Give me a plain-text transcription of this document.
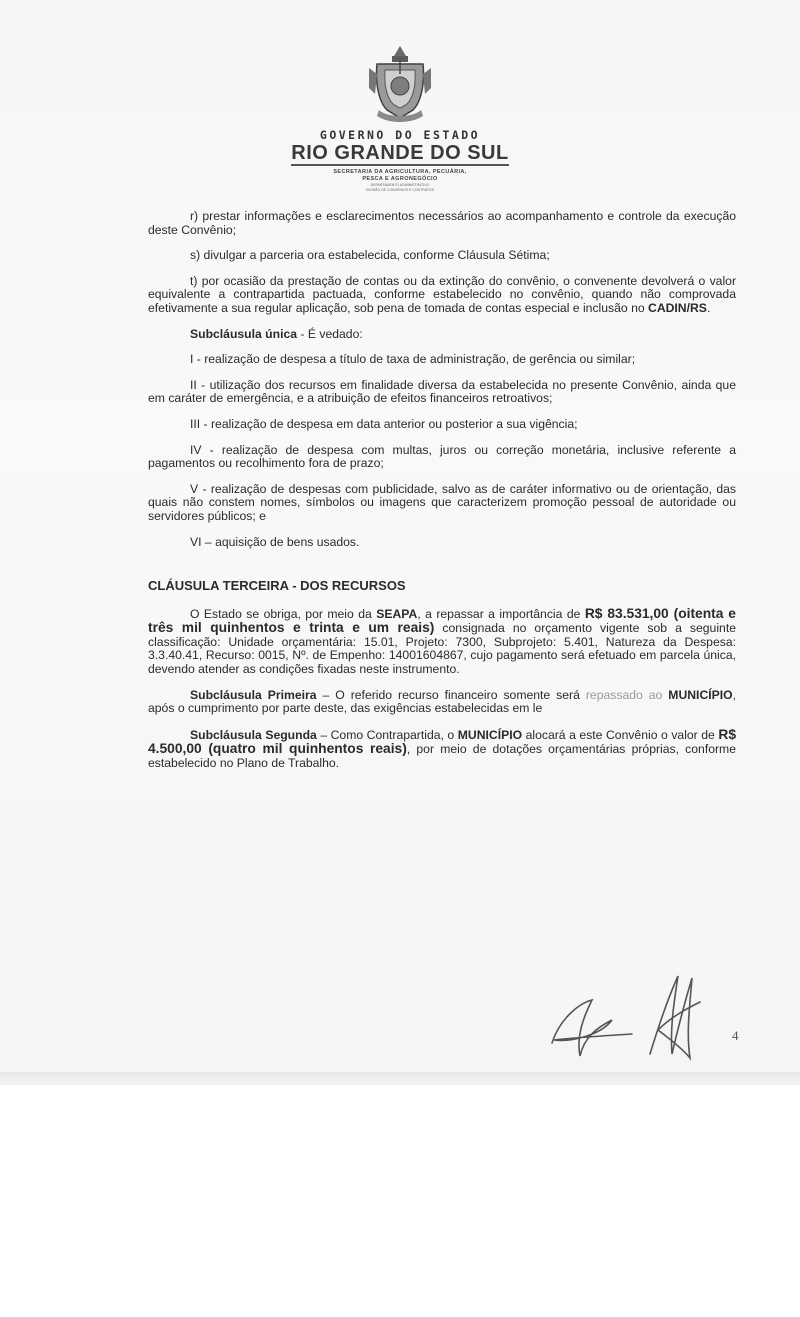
GOVERNO DO ESTADO
RIO GRANDE DO SUL
SECRETARIA DA AGRICULTURA, PECUÁRIA,
PESCA E AGRONEGÓCIO
DEPARTAMENTO ADMINISTRATIVO
DIVISÃO DE CONVÊNIOS E CONTRATOS

r) prestar informações e esclarecimentos necessários ao acompanhamento e controle da execução deste Convênio;

s) divulgar a parceria ora estabelecida, conforme Cláusula Sétima;

t) por ocasião da prestação de contas ou da extinção do convênio, o convenente devolverá o valor equivalente a contrapartida pactuada, conforme estabelecido no convênio, quando não comprovada efetivamente a sua regular aplicação, sob pena de tomada de contas especial e inclusão no CADIN/RS.

Subcláusula única - É vedado:

I - realização de despesa a título de taxa de administração, de gerência ou similar;

II - utilização dos recursos em finalidade diversa da estabelecida no presente Convênio, ainda que em caráter de emergência, e a atribuição de efeitos financeiros retroativos;

III - realização de despesa em data anterior ou posterior a sua vigência;

IV - realização de despesa com multas, juros ou correção monetária, inclusive referente a pagamentos ou recolhimento fora de prazo;

V - realização de despesas com publicidade, salvo as de caráter informativo ou de orientação, das quais não constem nomes, símbolos ou imagens que caracterizem promoção pessoal de autoridade ou servidores públicos; e

VI – aquisição de bens usados.

CLÁUSULA TERCEIRA - DOS RECURSOS

O Estado se obriga, por meio da SEAPA, a repassar a importância de R$ 83.531,00 (oitenta e três mil quinhentos e trinta e um reais) consignada no orçamento vigente sob a seguinte classificação: Unidade orçamentária: 15.01, Projeto: 7300, Subprojeto: 5.401, Natureza da Despesa: 3.3.40.41, Recurso: 0015, Nº. de Empenho: 14001604867, cujo pagamento será efetuado em parcela única, devendo atender as condições fixadas neste instrumento.

Subcláusula Primeira – O referido recurso financeiro somente será repassado ao MUNICÍPIO, após o cumprimento por parte deste, das exigências estabelecidas em le

Subcláusula Segunda – Como Contrapartida, o MUNICÍPIO alocará a este Convênio o valor de R$ 4.500,00 (quatro mil quinhentos reais), por meio de dotações orçamentárias próprias, conforme estabelecido no Plano de Trabalho.

4
